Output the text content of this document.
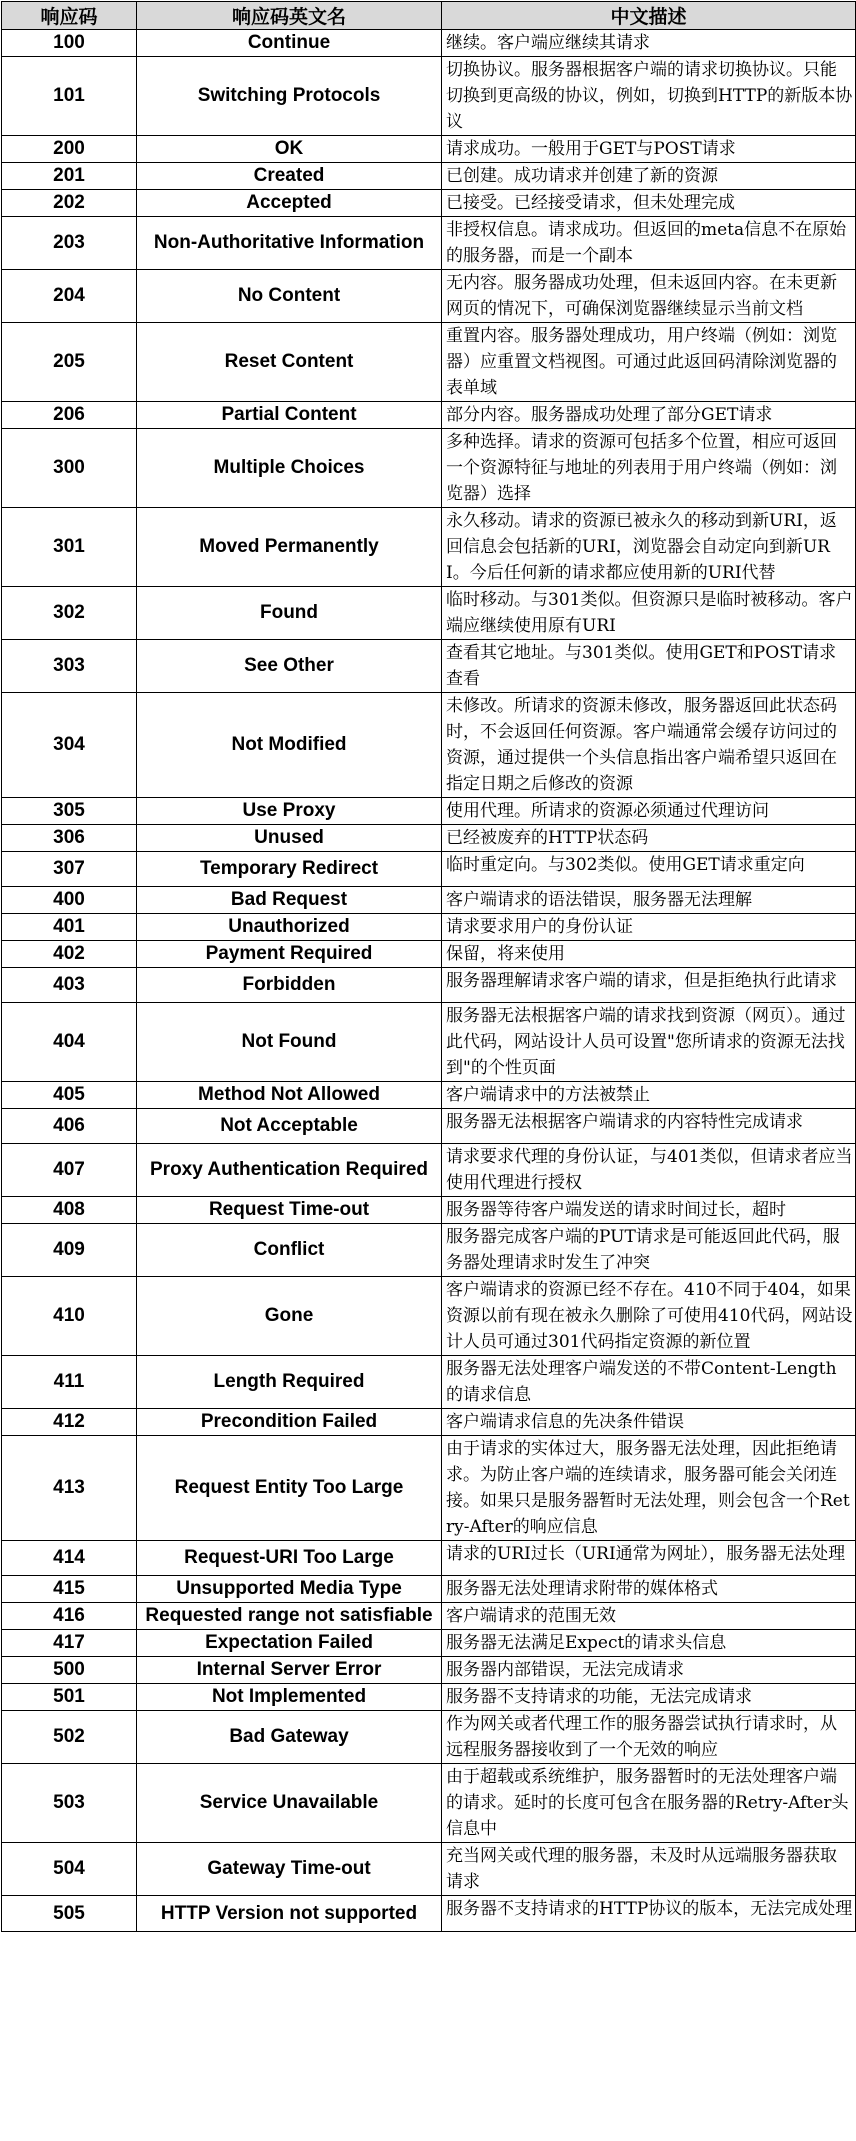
响应码	响应码英文名	中文描述
100	Continue	继续。客户端应继续其请求
101	Switching Protocols	切换协议。服务器根据客户端的请求切换协议。只能切换到更高级的协议，例如，切换到HTTP的新版本协议
200	OK	请求成功。一般用于GET与POST请求
201	Created	已创建。成功请求并创建了新的资源
202	Accepted	已接受。已经接受请求，但未处理完成
203	Non-Authoritative Information	非授权信息。请求成功。但返回的meta信息不在原始的服务器，而是一个副本
204	No Content	无内容。服务器成功处理，但未返回内容。在未更新网页的情况下，可确保浏览器继续显示当前文档
205	Reset Content	重置内容。服务器处理成功，用户终端（例如：浏览器）应重置文档视图。可通过此返回码清除浏览器的表单域
206	Partial Content	部分内容。服务器成功处理了部分GET请求
300	Multiple Choices	多种选择。请求的资源可包括多个位置，相应可返回一个资源特征与地址的列表用于用户终端（例如：浏览器）选择
301	Moved Permanently	永久移动。请求的资源已被永久的移动到新URI，返回信息会包括新的URI，浏览器会自动定向到新URI。今后任何新的请求都应使用新的URI代替
302	Found	临时移动。与301类似。但资源只是临时被移动。客户端应继续使用原有URI
303	See Other	查看其它地址。与301类似。使用GET和POST请求查看
304	Not Modified	未修改。所请求的资源未修改，服务器返回此状态码时，不会返回任何资源。客户端通常会缓存访问过的资源，通过提供一个头信息指出客户端希望只返回在指定日期之后修改的资源
305	Use Proxy	使用代理。所请求的资源必须通过代理访问
306	Unused	已经被废弃的HTTP状态码
307	Temporary Redirect	临时重定向。与302类似。使用GET请求重定向
400	Bad Request	客户端请求的语法错误，服务器无法理解
401	Unauthorized	请求要求用户的身份认证
402	Payment Required	保留，将来使用
403	Forbidden	服务器理解请求客户端的请求，但是拒绝执行此请求
404	Not Found	服务器无法根据客户端的请求找到资源（网页）。通过此代码，网站设计人员可设置"您所请求的资源无法找到"的个性页面
405	Method Not Allowed	客户端请求中的方法被禁止
406	Not Acceptable	服务器无法根据客户端请求的内容特性完成请求
407	Proxy Authentication Required	请求要求代理的身份认证，与401类似，但请求者应当使用代理进行授权
408	Request Time-out	服务器等待客户端发送的请求时间过长，超时
409	Conflict	服务器完成客户端的PUT请求是可能返回此代码，服务器处理请求时发生了冲突
410	Gone	客户端请求的资源已经不存在。410不同于404，如果资源以前有现在被永久删除了可使用410代码，网站设计人员可通过301代码指定资源的新位置
411	Length Required	服务器无法处理客户端发送的不带Content-Length的请求信息
412	Precondition Failed	客户端请求信息的先决条件错误
413	Request Entity Too Large	由于请求的实体过大，服务器无法处理，因此拒绝请求。为防止客户端的连续请求，服务器可能会关闭连接。如果只是服务器暂时无法处理，则会包含一个Retry-After的响应信息
414	Request-URI Too Large	请求的URI过长（URI通常为网址），服务器无法处理
415	Unsupported Media Type	服务器无法处理请求附带的媒体格式
416	Requested range not satisfiable	客户端请求的范围无效
417	Expectation Failed	服务器无法满足Expect的请求头信息
500	Internal Server Error	服务器内部错误，无法完成请求
501	Not Implemented	服务器不支持请求的功能，无法完成请求
502	Bad Gateway	作为网关或者代理工作的服务器尝试执行请求时，从远程服务器接收到了一个无效的响应
503	Service Unavailable	由于超载或系统维护，服务器暂时的无法处理客户端的请求。延时的长度可包含在服务器的Retry-After头信息中
504	Gateway Time-out	充当网关或代理的服务器，未及时从远端服务器获取请求
505	HTTP Version not supported	服务器不支持请求的HTTP协议的版本，无法完成处理
